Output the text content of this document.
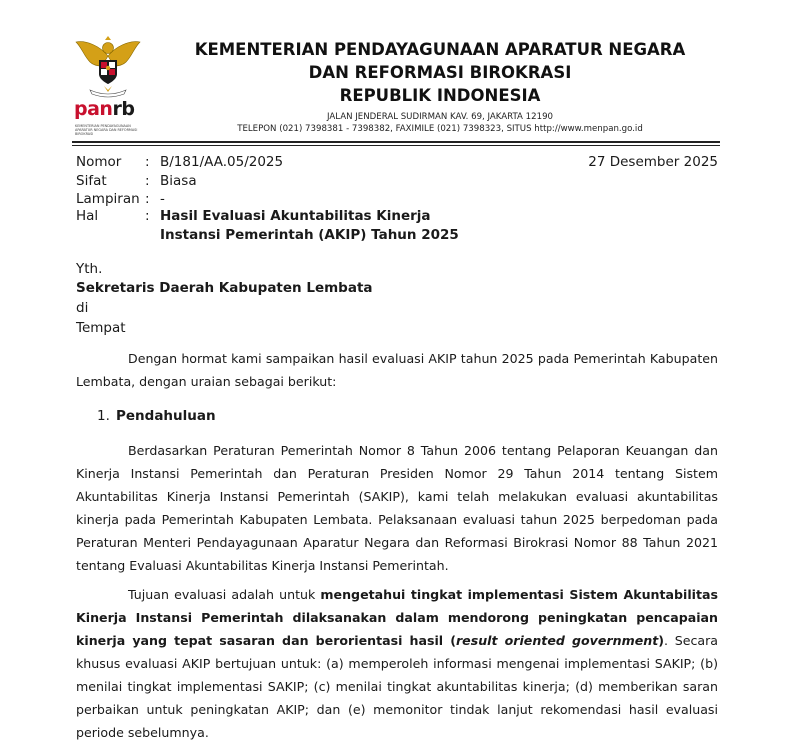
panrb
KEMENTERIAN PENDAYAGUNAAN APARATUR NEGARA DAN REFORMASI BIROKRASI
KEMENTERIAN PENDAYAGUNAAN APARATUR NEGARA
DAN REFORMASI BIROKRASI
REPUBLIK INDONESIA
JALAN JENDERAL SUDIRMAN KAV. 69, JAKARTA 12190
TELEPON (021) 7398381 - 7398382, FAXIMILE (021) 7398323, SITUS http://www.menpan.go.id
Nomor : B/181/AA.05/2025	27 Desember 2025
Sifat	: Biasa
Lampiran : -
Hal	: Hasil Evaluasi Akuntabilitas Kinerja
Instansi Pemerintah (AKIP) Tahun 2025
Yth.
Sekretaris Daerah Kabupaten Lembata
di
Tempat
Dengan hormat kami sampaikan hasil evaluasi AKIP tahun 2025 pada Pemerintah Kabupaten
Lembata, dengan uraian sebagai berikut:
1. Pendahuluan
Berdasarkan Peraturan Pemerintah Nomor 8 Tahun 2006 tentang Pelaporan Keuangan dan
Kinerja Instansi Pemerintah dan Peraturan Presiden Nomor 29 Tahun 2014 tentang Sistem
Akuntabilitas Kinerja Instansi Pemerintah (SAKIP), kami telah melakukan evaluasi akuntabilitas
kinerja pada Pemerintah Kabupaten Lembata. Pelaksanaan evaluasi tahun 2025 berpedoman pada
Peraturan Menteri Pendayagunaan Aparatur Negara dan Reformasi Birokrasi Nomor 88 Tahun 2021
tentang Evaluasi Akuntabilitas Kinerja Instansi Pemerintah.
Tujuan evaluasi adalah untuk mengetahui tingkat implementasi Sistem Akuntabilitas
Kinerja Instansi Pemerintah dilaksanakan dalam mendorong peningkatan pencapaian
kinerja yang tepat sasaran dan berorientasi hasil (result oriented government). Secara
khusus evaluasi AKIP bertujuan untuk: (a) memperoleh informasi mengenai implementasi SAKIP; (b)
menilai tingkat implementasi SAKIP; (c) menilai tingkat akuntabilitas kinerja; (d) memberikan saran
perbaikan untuk peningkatan AKIP; dan (e) memonitor tindak lanjut rekomendasi hasil evaluasi
periode sebelumnya.
